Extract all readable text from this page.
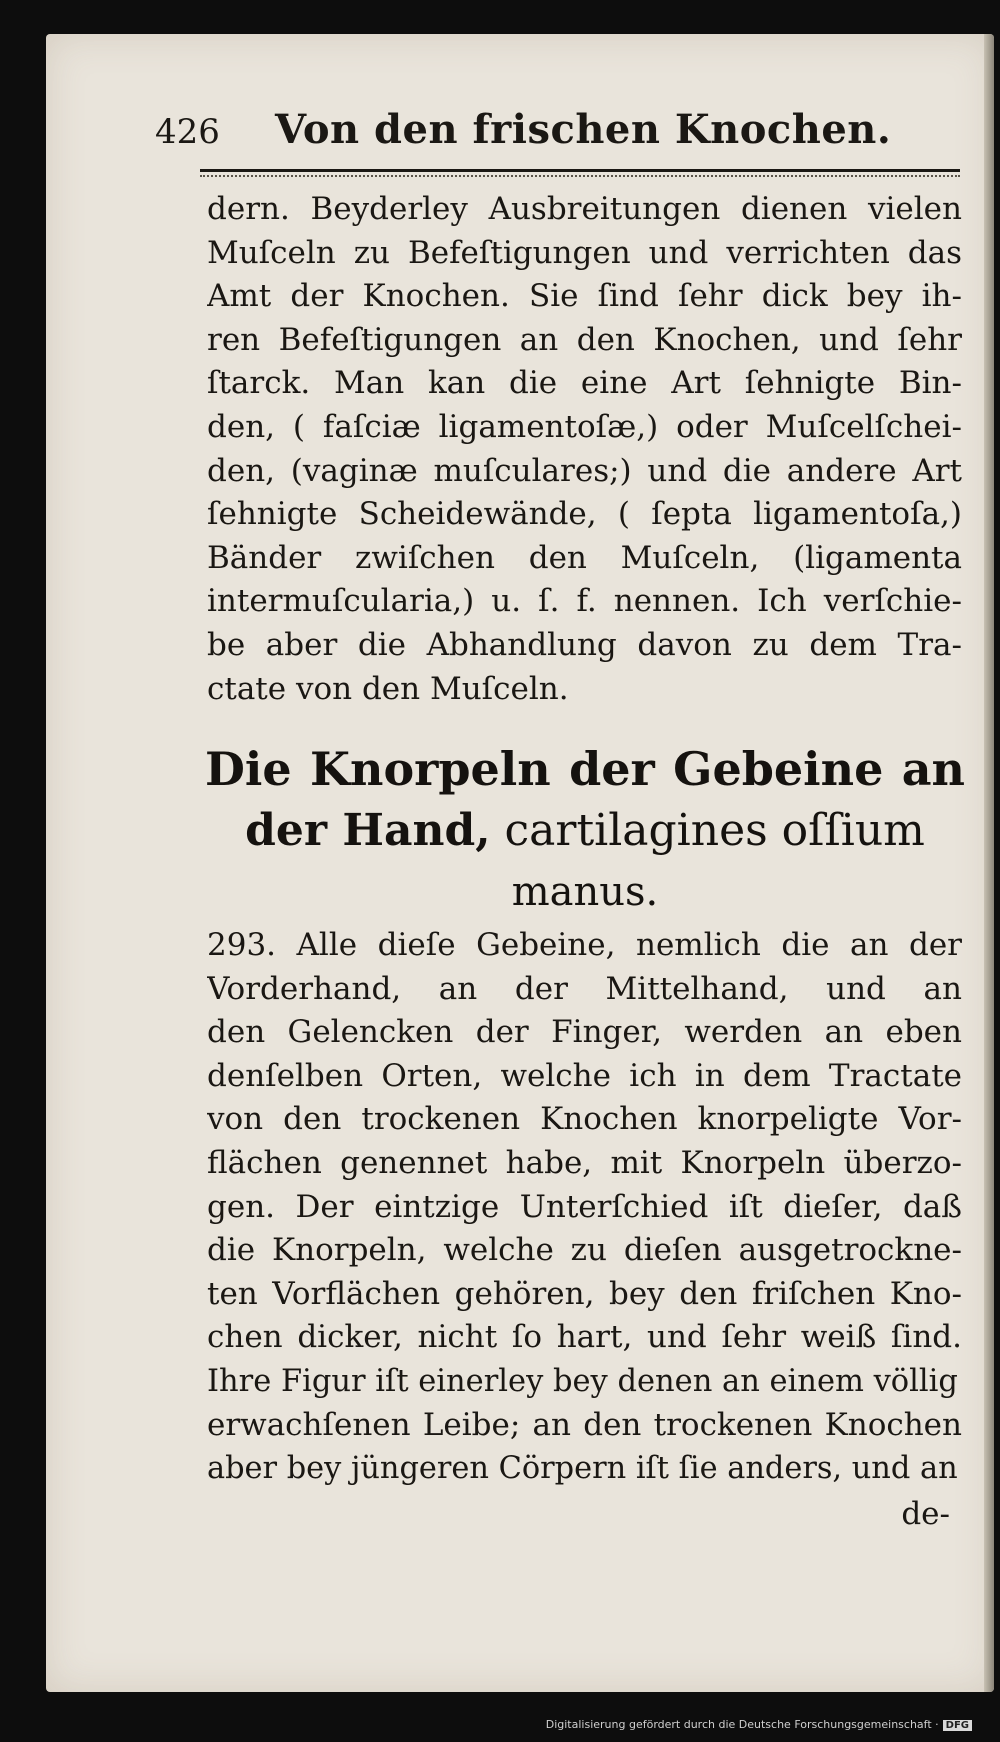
426 Von den frischen Knochen.
dern. Beyderley Ausbreitungen dienen vielen
Muſceln zu Befeſtigungen und verrichten das
Amt der Knochen. Sie ſind ſehr dick bey ih-
ren Befeſtigungen an den Knochen, und ſehr
ſtarck. Man kan die eine Art ſehnigte Bin-
den, ( faſciæ ligamentoſæ,) oder Muſcelſchei-
den, (vaginæ muſculares;) und die andere Art
ſehnigte Scheidewände, ( ſepta ligamentoſa,)
Bänder zwiſchen den Muſceln, (ligamenta
intermuſcularia,) u. ſ. f. nennen. Ich verſchie-
be aber die Abhandlung davon zu dem Tra-
ctate von den Muſceln.
Die Knorpeln der Gebeine an
der Hand, cartilagines oſſium
manus.
293. Alle dieſe Gebeine, nemlich die an der
Vorderhand, an der Mittelhand, und an
den Gelencken der Finger, werden an eben
denſelben Orten, welche ich in dem Tractate
von den trockenen Knochen knorpeligte Vor-
flächen genennet habe, mit Knorpeln überzo-
gen. Der eintzige Unterſchied iſt dieſer, daß
die Knorpeln, welche zu dieſen ausgetrockne-
ten Vorflächen gehören, bey den friſchen Kno-
chen dicker, nicht ſo hart, und ſehr weiß ſind.
Ihre Figur iſt einerley bey denen an einem völlig
erwachſenen Leibe; an den trockenen Knochen
aber bey jüngeren Cörpern iſt ſie anders, und an
de-
Digitalisierung gefördert durch die Deutsche Forschungsgemeinschaft · DFG
